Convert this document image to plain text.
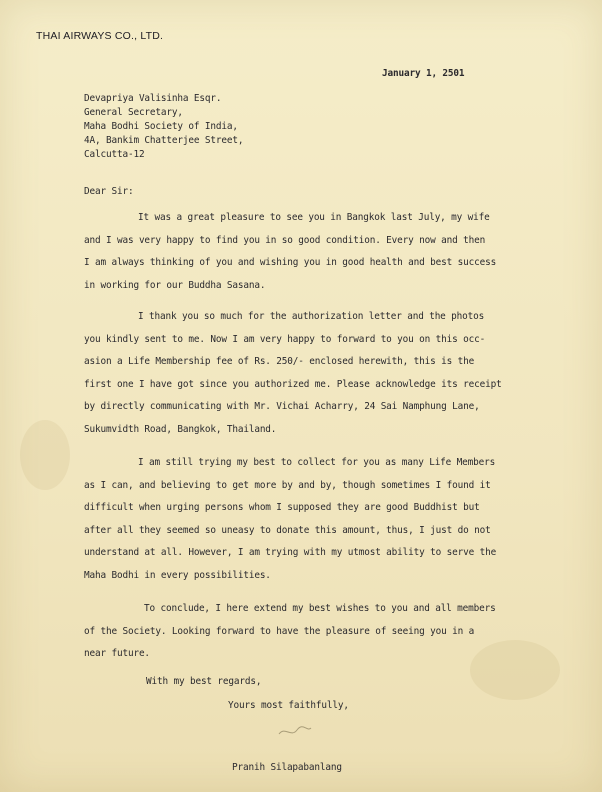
THAI AIRWAYS CO., LTD.
January 1, 2501
Devapriya Valisinha Esqr.
General Secretary,
Maha Bodhi Society of India,
4A, Bankim Chatterjee Street,
Calcutta-12
Dear Sir:
It was a great pleasure to see you in Bangkok last July, my wife
and I was very happy to find you in so good condition. Every now and then
I am always thinking of you and wishing you in good health and best success
in working for our Buddha Sasana.
I thank you so much for the authorization letter and the photos
you kindly sent to me. Now I am very happy to forward to you on this occ-
asion a Life Membership fee of Rs. 250/- enclosed herewith, this is the
first one I have got since you authorized me. Please acknowledge its receipt
by directly communicating with Mr. Vichai Acharry, 24 Sai Namphung Lane,
Sukumvidth Road, Bangkok, Thailand.
I am still trying my best to collect for you as many Life Members
as I can, and believing to get more by and by, though sometimes I found it
difficult when urging persons whom I supposed they are good Buddhist but
after all they seemed so uneasy to donate this amount, thus, I just do not
understand at all. However, I am trying with my utmost ability to serve the
Maha Bodhi in every possibilities.
To conclude, I here extend my best wishes to you and all members
of the Society. Looking forward to have the pleasure of seeing you in a
near future.
With my best regards,
Yours most faithfully,
Pranih Silapabanlang
